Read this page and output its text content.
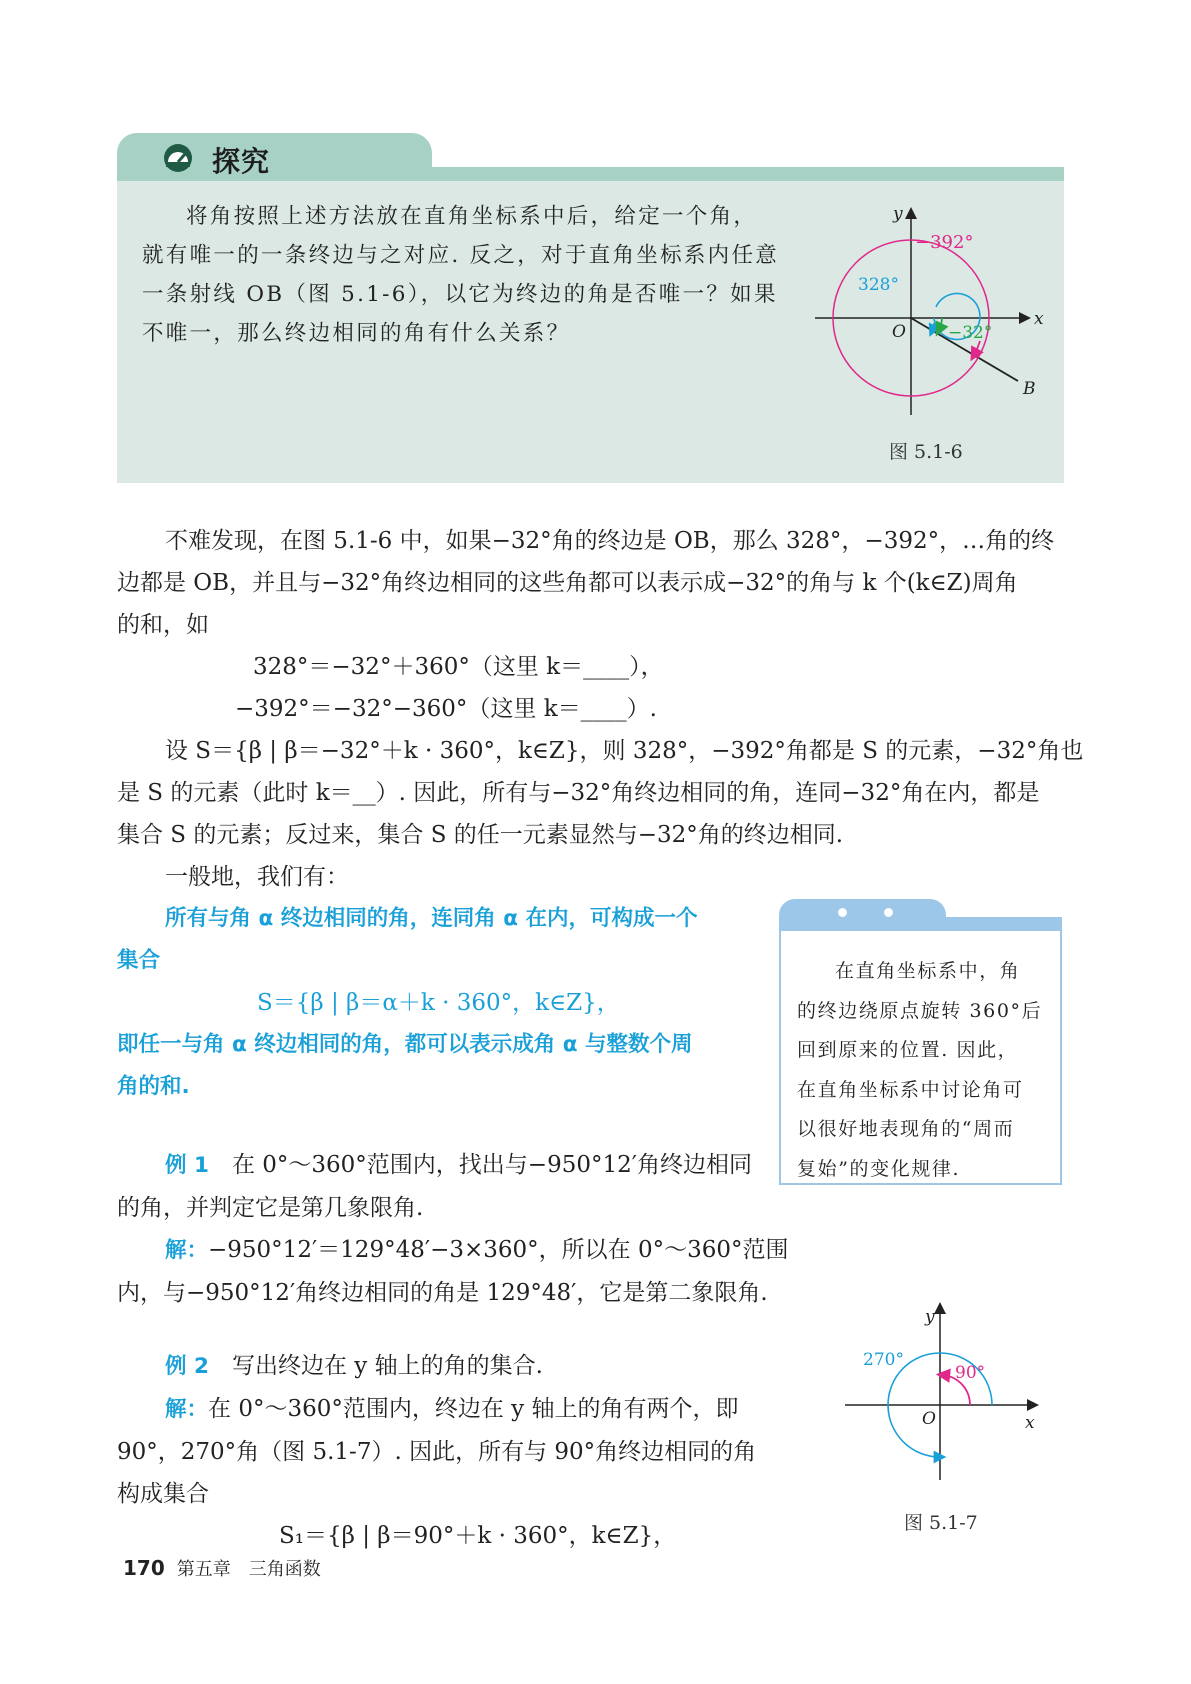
探究

将角按照上述方法放在直角坐标系中后，给定一个角，

就有唯一的一条终边与之对应. 反之，对于直角坐标系内任意

一条射线 OB（图 5.1-6），以它为终边的角是否唯一？如果

不唯一，那么终边相同的角有什么关系？

y
x
O
B
−392°
328°
−32°
图 5.1-6

不难发现，在图 5.1-6 中，如果−32°角的终边是 OB，那么 328°，−392°，…角的终

边都是 OB，并且与−32°角终边相同的这些角都可以表示成−32°的角与 k 个(k∈Z)周角

的和，如

328°＝−32°＋360°（这里 k＝____），

−392°＝−32°−360°（这里 k＝____）.

设 S＝{β | β＝−32°＋k · 360°，k∈Z}，则 328°，−392°角都是 S 的元素，−32°角也

是 S 的元素（此时 k＝__）. 因此，所有与−32°角终边相同的角，连同−32°角在内，都是

集合 S 的元素；反过来，集合 S 的任一元素显然与−32°角的终边相同.

一般地，我们有：

所有与角 α 终边相同的角，连同角 α 在内，可构成一个

集合

S＝{β | β＝α＋k · 360°，k∈Z}，

即任一与角 α 终边相同的角，都可以表示成角 α 与整数个周

角的和.

在直角坐标系中，角

的终边绕原点旋转 360°后

回到原来的位置. 因此，

在直角坐标系中讨论角可

以很好地表现角的“周而

复始”的变化规律.

例 1　 在 0°～360°范围内，找出与−950°12′角终边相同

的角，并判定它是第几象限角.

解：−950°12′＝129°48′−3×360°，所以在 0°～360°范围

内，与−950°12′角终边相同的角是 129°48′，它是第二象限角.

例 2　 写出终边在 y 轴上的角的集合.

解：在 0°～360°范围内，终边在 y 轴上的角有两个，即

90°，270°角（图 5.1-7）. 因此，所有与 90°角终边相同的角

构成集合

S₁＝{β | β＝90°＋k · 360°，k∈Z}，

y
x
O
270°
90°
图 5.1-7
170 第五章　三角函数
